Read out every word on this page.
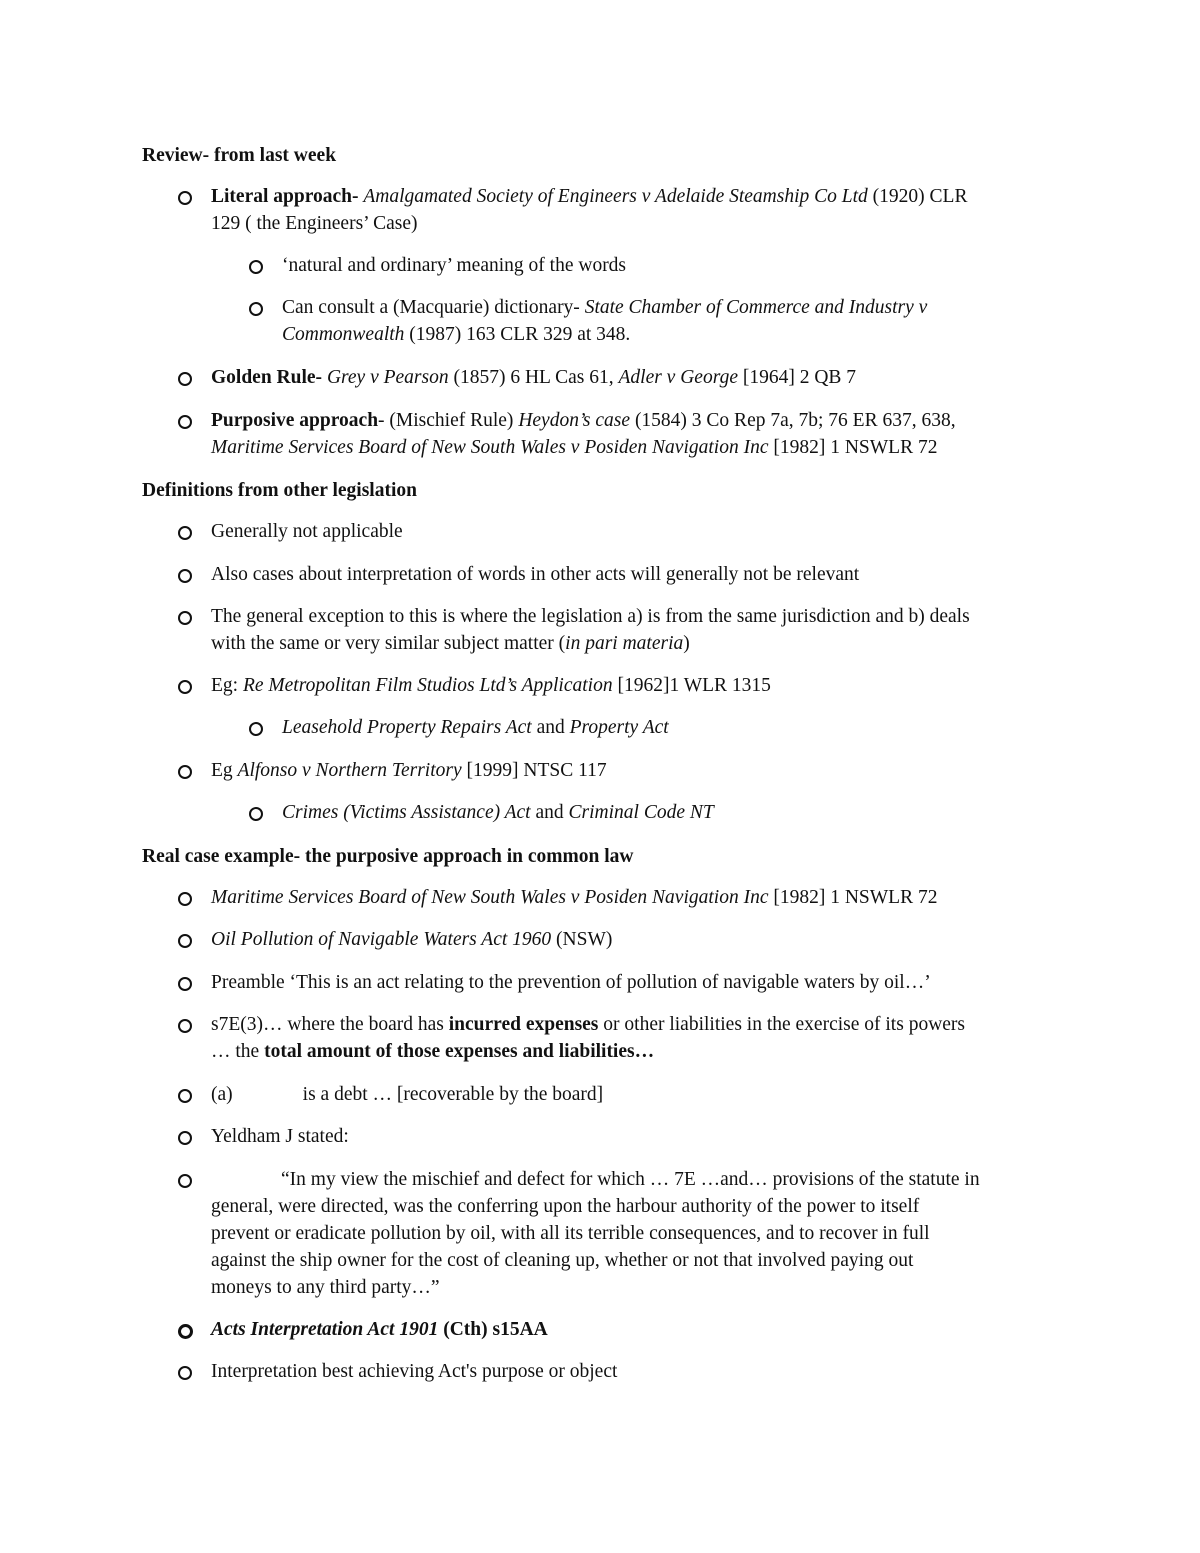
Review- from last week
Literal approach- Amalgamated Society of Engineers v Adelaide Steamship Co Ltd (1920) CLR
129 ( the Engineers’ Case)
‘natural and ordinary’ meaning of the words
Can consult a (Macquarie) dictionary- State Chamber of Commerce and Industry v
Commonwealth (1987) 163 CLR 329 at 348.
Golden Rule- Grey v Pearson (1857) 6 HL Cas 61, Adler v George [1964] 2 QB 7
Purposive approach- (Mischief Rule) Heydon’s case (1584) 3 Co Rep 7a, 7b; 76 ER 637, 638,
Maritime Services Board of New South Wales v Posiden Navigation Inc [1982] 1 NSWLR 72
Definitions from other legislation
Generally not applicable
Also cases about interpretation of words in other acts will generally not be relevant
The general exception to this is where the legislation a) is from the same jurisdiction and b) deals
with the same or very similar subject matter (in pari materia)
Eg: Re Metropolitan Film Studios Ltd’s Application [1962]1 WLR 1315
Leasehold Property Repairs Act and Property Act
Eg Alfonso v Northern Territory [1999] NTSC 117
Crimes (Victims Assistance) Act and Criminal Code NT
Real case example- the purposive approach in common law
Maritime Services Board of New South Wales v Posiden Navigation Inc [1982] 1 NSWLR 72
Oil Pollution of Navigable Waters Act 1960 (NSW)
Preamble ‘This is an act relating to the prevention of pollution of navigable waters by oil…’
s7E(3)… where the board has incurred expenses or other liabilities in the exercise of its powers
… the total amount of those expenses and liabilities…
(a)	is a debt … [recoverable by the board]
Yeldham J stated:
“In my view the mischief and defect for which … 7E …and… provisions of the statute in
general, were directed, was the conferring upon the harbour authority of the power to itself
prevent or eradicate pollution by oil, with all its terrible consequences, and to recover in full
against the ship owner for the cost of cleaning up, whether or not that involved paying out
moneys to any third party…”
Acts Interpretation Act 1901 (Cth) s15AA
Interpretation best achieving Act's purpose or object
